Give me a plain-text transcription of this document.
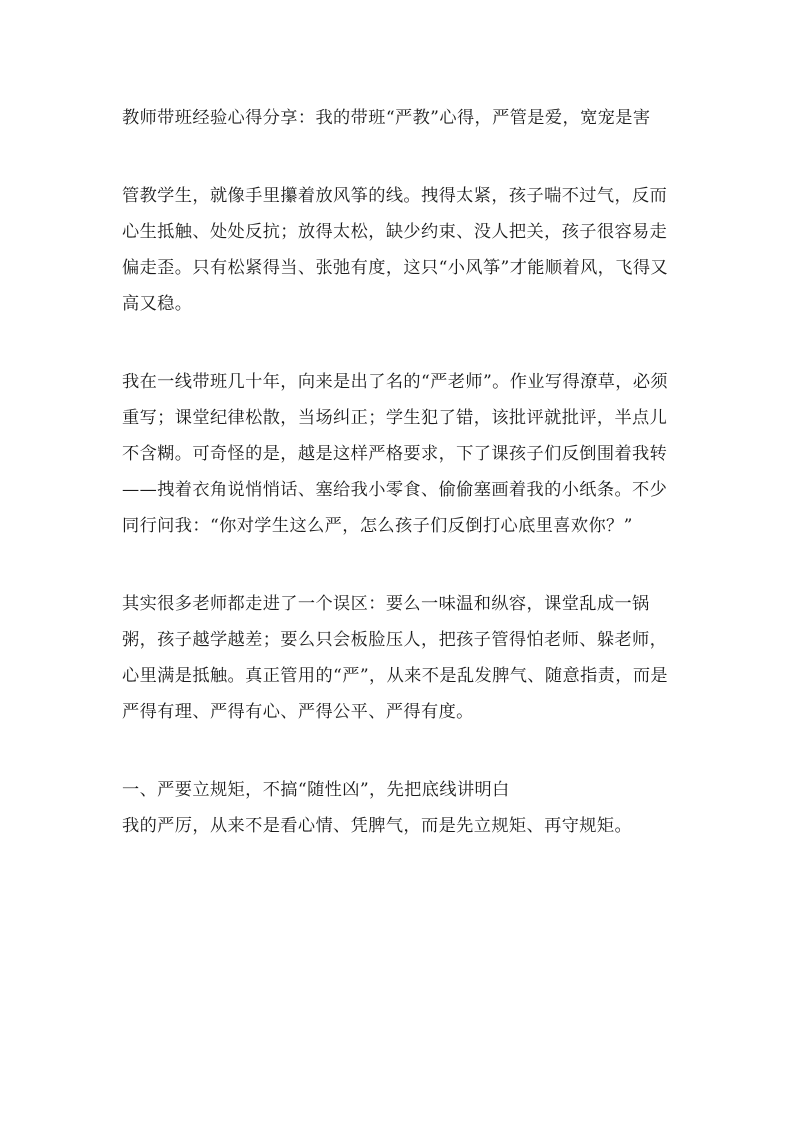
教师带班经验心得分享：我的带班“严教”心得，严管是爱，宽宠是害

管教学生，就像手里攥着放风筝的线。拽得太紧，孩子喘不过气，反而心生抵触、处处反抗；放得太松，缺少约束、没人把关，孩子很容易走偏走歪。只有松紧得当、张弛有度，这只“小风筝”才能顺着风，飞得又高又稳。

我在一线带班几十年，向来是出了名的“严老师”。作业写得潦草，必须重写；课堂纪律松散，当场纠正；学生犯了错，该批评就批评，半点儿不含糊。可奇怪的是，越是这样严格要求，下了课孩子们反倒围着我转——拽着衣角说悄悄话、塞给我小零食、偷偷塞画着我的小纸条。不少同行问我：“你对学生这么严，怎么孩子们反倒打心底里喜欢你？”

其实很多老师都走进了一个误区：要么一味温和纵容，课堂乱成一锅粥，孩子越学越差；要么只会板脸压人，把孩子管得怕老师、躲老师，心里满是抵触。真正管用的“严”，从来不是乱发脾气、随意指责，而是严得有理、严得有心、严得公平、严得有度。

一、严要立规矩，不搞“随性凶”，先把底线讲明白

我的严厉，从来不是看心情、凭脾气，而是先立规矩、再守规矩。
